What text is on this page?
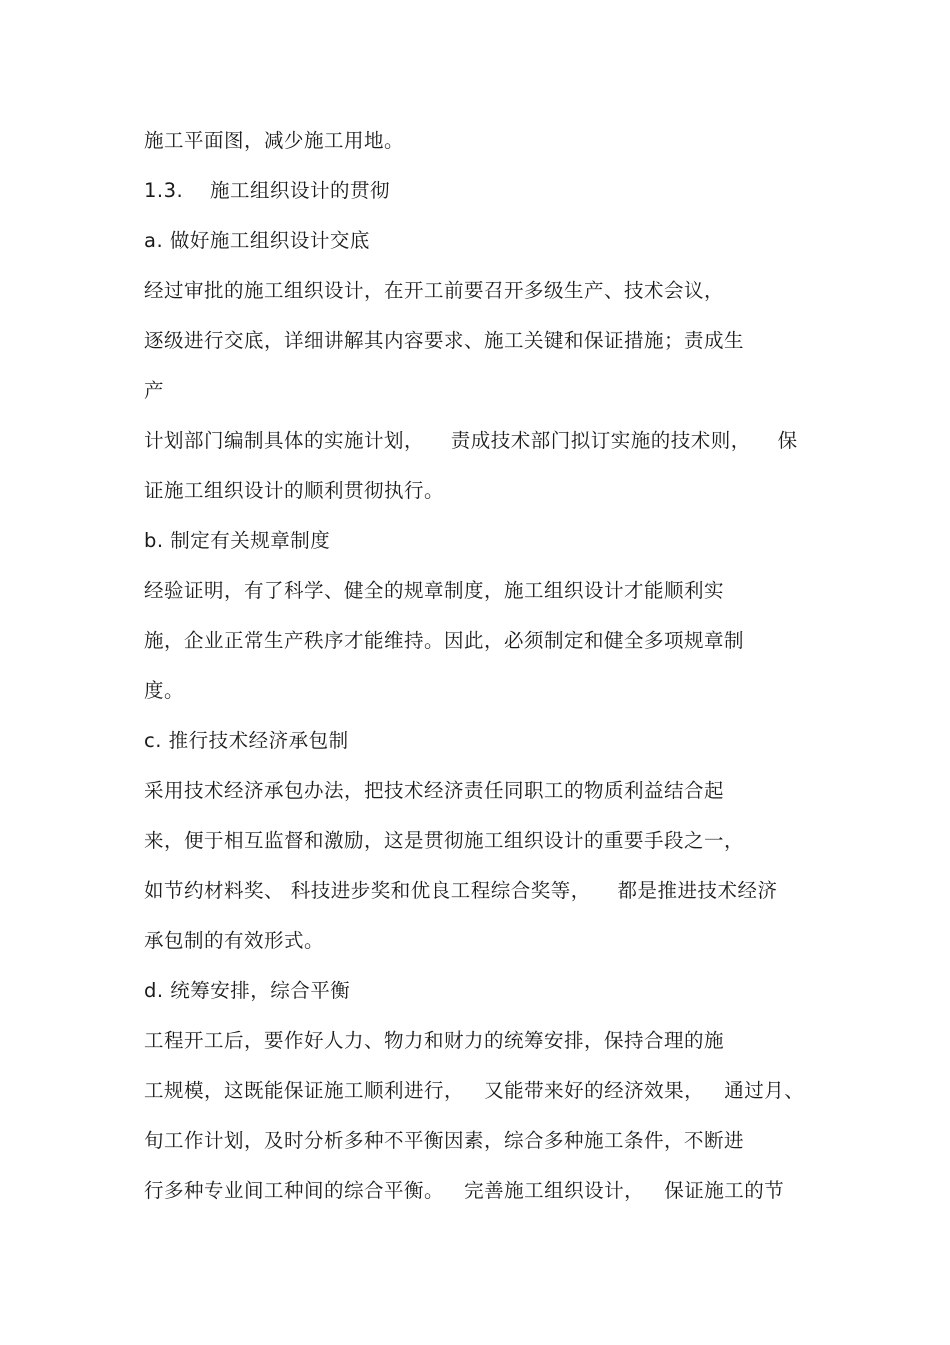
施工平面图，减少施工用地。
1.3.    施工组织设计的贯彻
a. 做好施工组织设计交底
经过审批的施工组织设计，在开工前要召开多级生产、技术会议，
逐级进行交底，详细讲解其内容要求、施工关键和保证措施；责成生
产
计划部门编制具体的实施计划，    责成技术部门拟订实施的技术则，    保
证施工组织设计的顺利贯彻执行。
b. 制定有关规章制度
经验证明，有了科学、健全的规章制度，施工组织设计才能顺利实
施，企业正常生产秩序才能维持。因此，必须制定和健全多项规章制
度。
c. 推行技术经济承包制
采用技术经济承包办法，把技术经济责任同职工的物质利益结合起
来，便于相互监督和激励，这是贯彻施工组织设计的重要手段之一，
如节约材料奖、 科技进步奖和优良工程综合奖等，    都是推进技术经济
承包制的有效形式。
d. 统筹安排，综合平衡
工程开工后，要作好人力、物力和财力的统筹安排，保持合理的施
工规模，这既能保证施工顺利进行，   又能带来好的经济效果，   通过月、
旬工作计划，及时分析多种不平衡因素，综合多种施工条件，不断进
行多种专业间工种间的综合平衡。   完善施工组织设计，   保证施工的节
